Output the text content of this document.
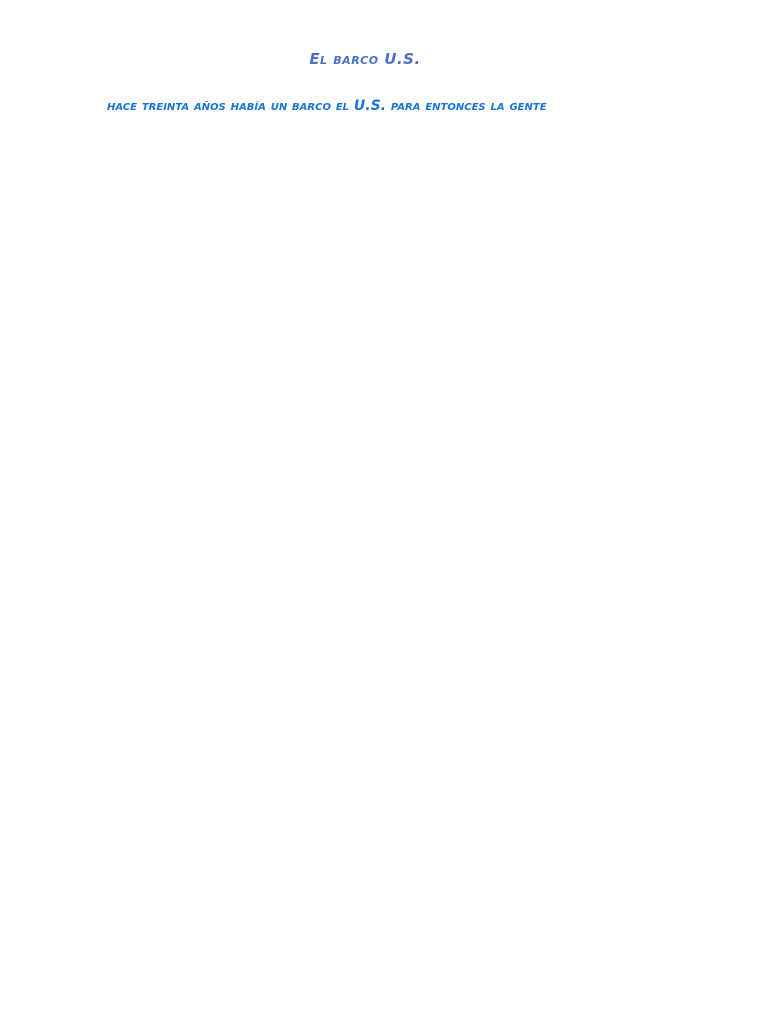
El barco U.S.
hace treinta años había un barco el U.S. para entonces la gente
